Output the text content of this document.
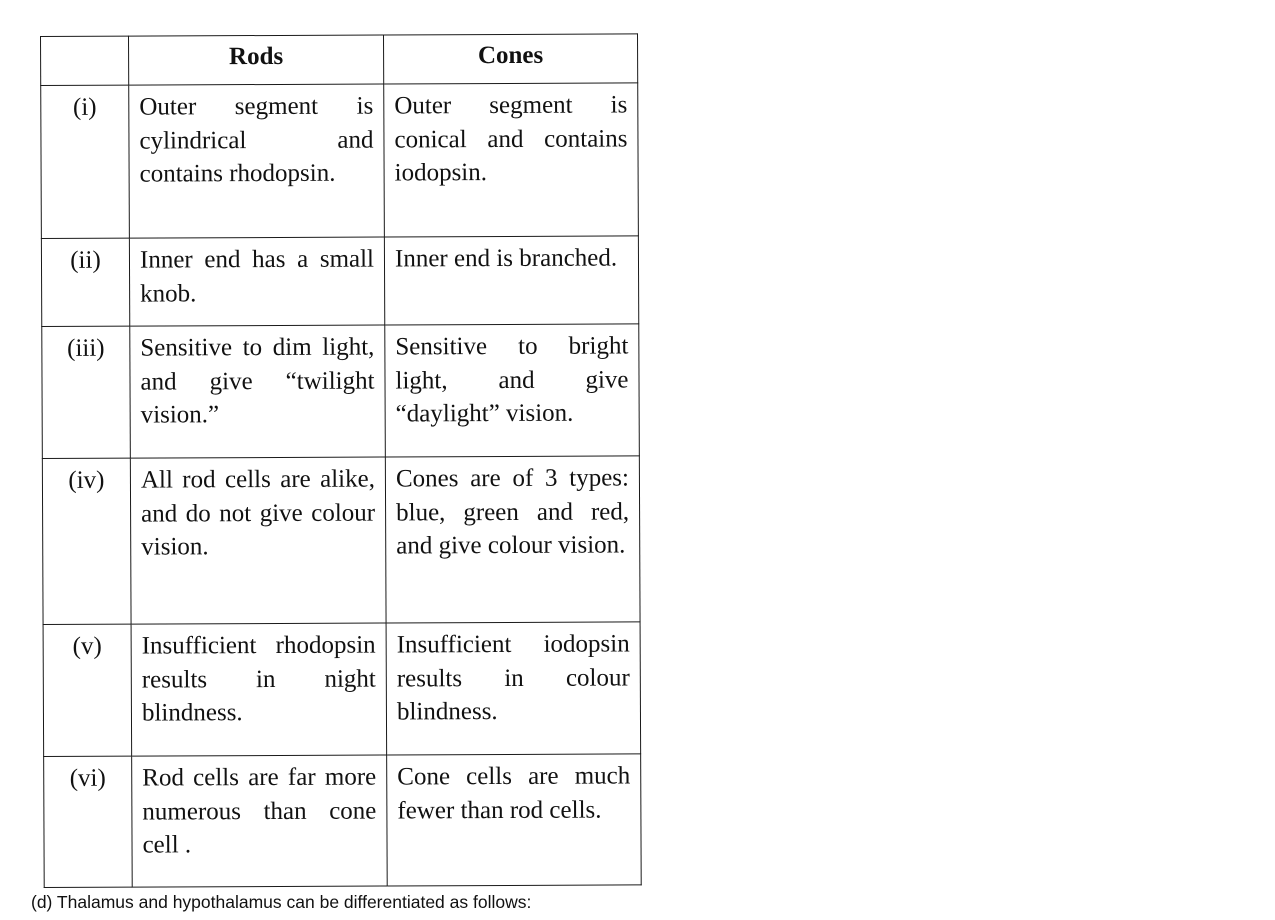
	Rods	Cones
(i)	Outer segment is cylindrical and contains rhodopsin.	Outer segment is conical and contains iodopsin.
(ii)	Inner end has a small knob.	Inner end is branched.
(iii)	Sensitive to dim light, and give “twilight vision.”	Sensitive to bright light, and give “daylight” vision.
(iv)	All rod cells are alike, and do not give colour vision.	Cones are of 3 types: blue, green and red, and give colour vision.
(v)	Insufficient rhodopsin results in night blindness.	Insufficient iodopsin results in colour blindness.
(vi)	Rod cells are far more numerous than cone cell .	Cone cells are much fewer than rod cells.
(d) Thalamus and hypothalamus can be differentiated as follows:
